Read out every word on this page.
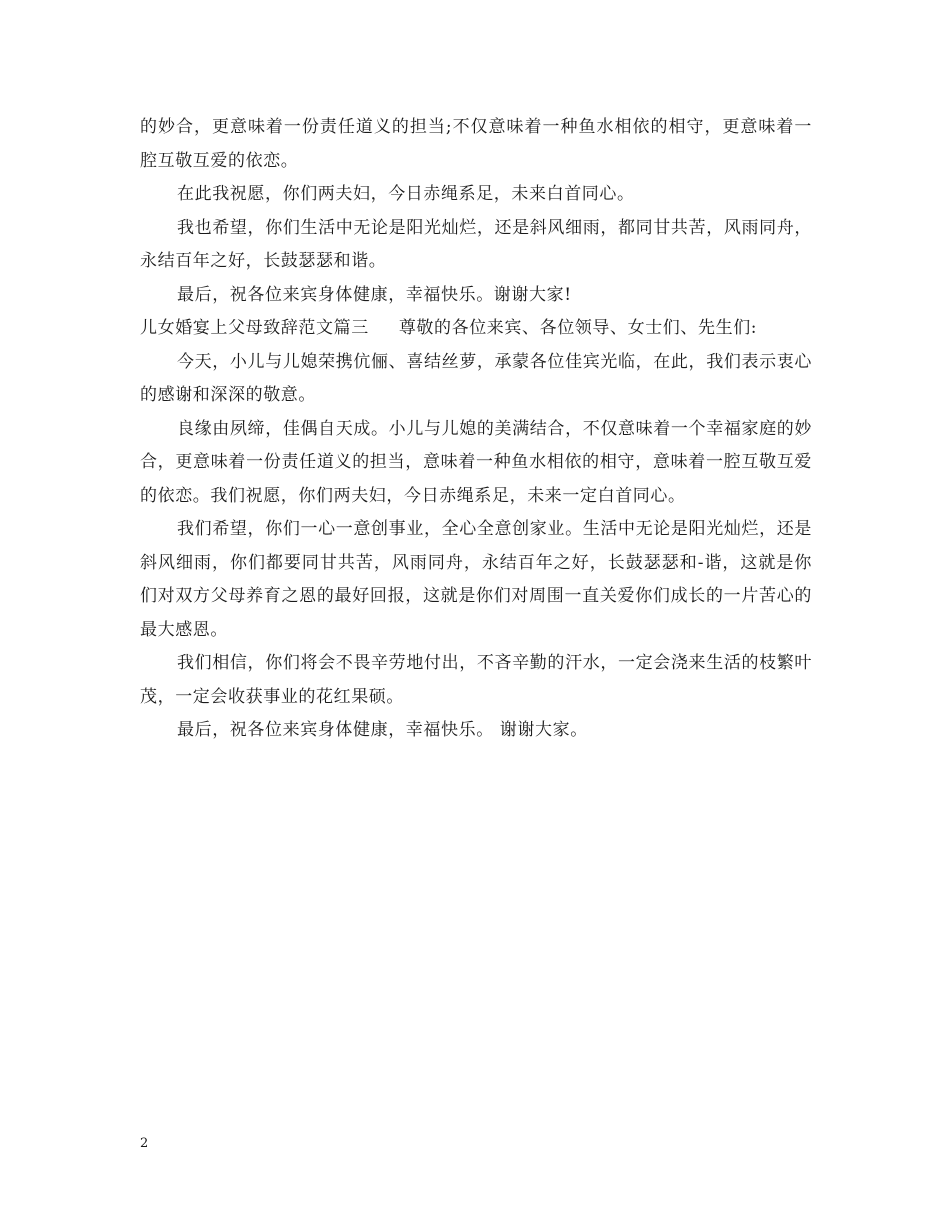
的妙合，更意味着一份责任道义的担当;不仅意味着一种鱼水相依的相守，更意味着一腔互敬互爱的依恋。

在此我祝愿，你们两夫妇，今日赤绳系足，未来白首同心。

我也希望，你们生活中无论是阳光灿烂，还是斜风细雨，都同甘共苦，风雨同舟，永结百年之好，长鼓瑟瑟和谐。

最后，祝各位来宾身体健康，幸福快乐。谢谢大家!

儿女婚宴上父母致辞范文篇三 尊敬的各位来宾、各位领导、女士们、先生们:

今天，小儿与儿媳荣携伉俪、喜结丝萝，承蒙各位佳宾光临，在此，我们表示衷心的感谢和深深的敬意。

良缘由夙缔，佳偶自天成。小儿与儿媳的美满结合，不仅意味着一个幸福家庭的妙合，更意味着一份责任道义的担当，意味着一种鱼水相依的相守，意味着一腔互敬互爱的依恋。我们祝愿，你们两夫妇，今日赤绳系足，未来一定白首同心。

我们希望，你们一心一意创事业，全心全意创家业。生活中无论是阳光灿烂，还是斜风细雨，你们都要同甘共苦，风雨同舟，永结百年之好，长鼓瑟瑟和-谐，这就是你们对双方父母养育之恩的最好回报，这就是你们对周围一直关爱你们成长的一片苦心的最大感恩。

我们相信，你们将会不畏辛劳地付出，不吝辛勤的汗水，一定会浇来生活的枝繁叶茂，一定会收获事业的花红果硕。

最后，祝各位来宾身体健康，幸福快乐。 谢谢大家。

2
